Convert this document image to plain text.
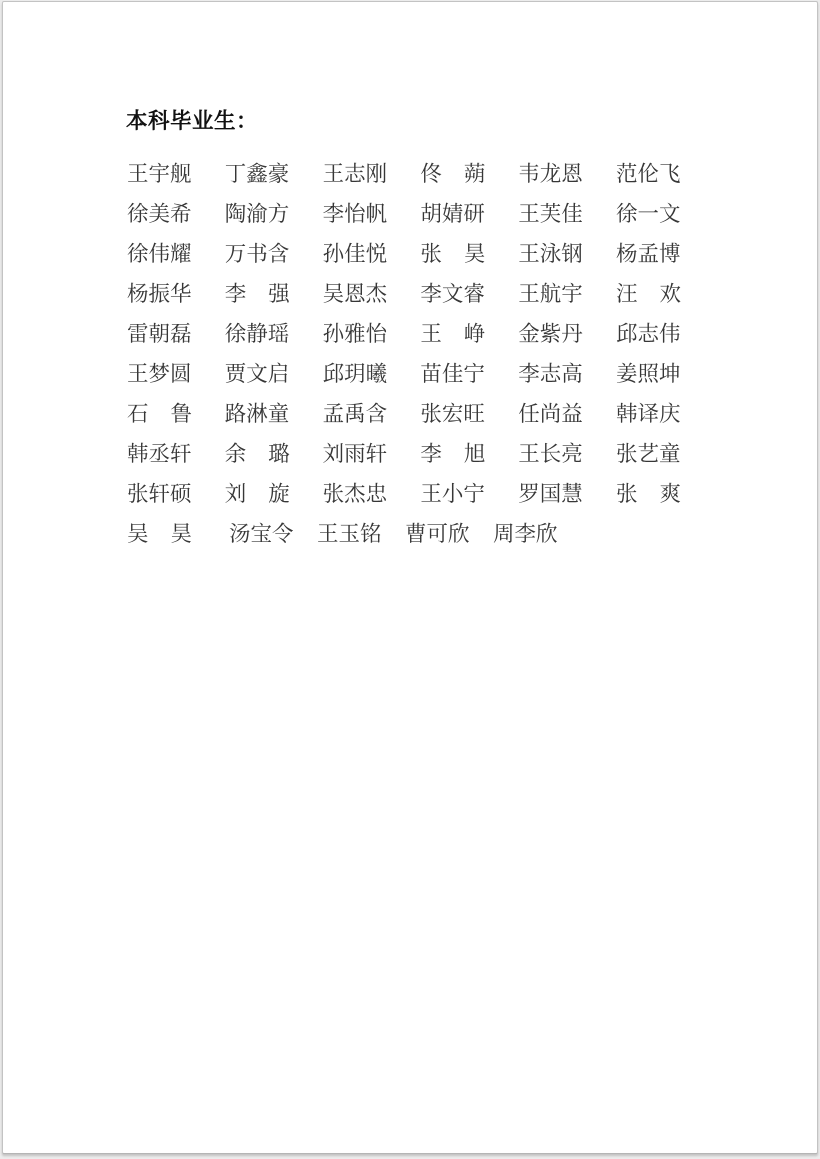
本科毕业生：
王宇舰 丁鑫豪 王志刚 佟 蒴 韦龙恩 范伦飞
徐美希 陶渝方 李怡帆 胡婧研 王芙佳 徐一文
徐伟耀 万书含 孙佳悦 张 昊 王泳钢 杨孟博
杨振华 李 强 吴恩杰 李文睿 王航宇 汪 欢
雷朝磊 徐静瑶 孙雅怡 王 峥 金紫丹 邱志伟
王梦圆 贾文启 邱玥曦 苗佳宁 李志高 姜照坤
石 鲁 路淋童 孟禹含 张宏旺 任尚益 韩译庆
韩丞轩 余 璐 刘雨轩 李 旭 王长亮 张艺童
张轩硕 刘 旋 张杰忠 王小宁 罗国慧 张 爽
吴 昊 汤宝令 王玉铭 曹可欣 周李欣
